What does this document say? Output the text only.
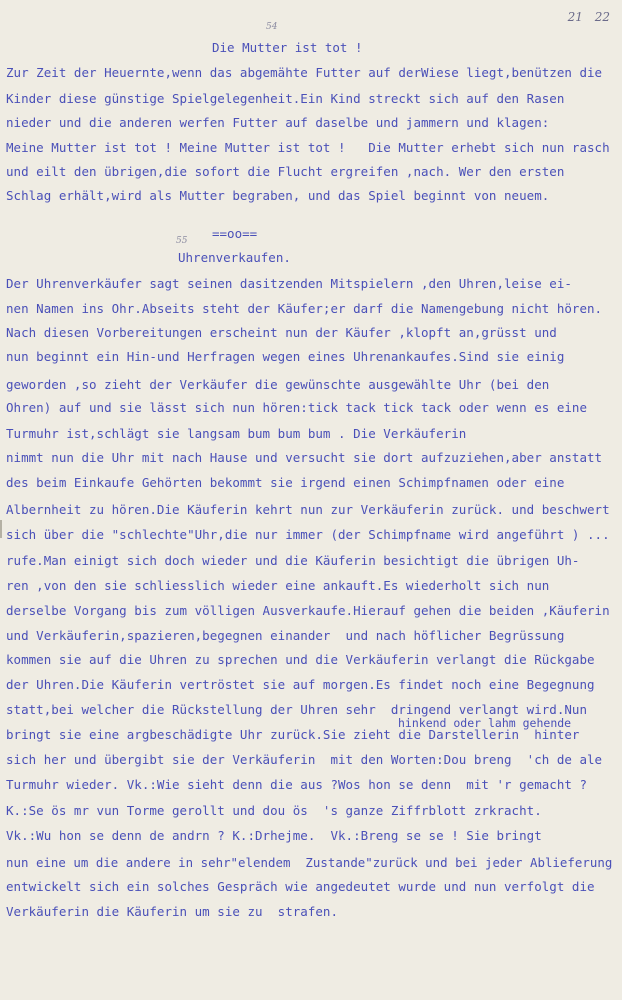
21 22
54
Die Mutter ist tot !
Zur Zeit der Heuernte,wenn das abgemähte Futter auf derWiese liegt,benützen die
Kinder diese günstige Spielgelegenheit.Ein Kind streckt sich auf den Rasen
nieder und die anderen werfen Futter auf daselbe und jammern und klagen:
Meine Mutter ist tot ! Meine Mutter ist tot !   Die Mutter erhebt sich nun rasch
und eilt den übrigen,die sofort die Flucht ergreifen ,nach. Wer den ersten
Schlag erhält,wird als Mutter begraben, und das Spiel beginnt von neuem.
==oo==
55
Uhrenverkaufen.
Der Uhrenverkäufer sagt seinen dasitzenden Mitspielern ,den Uhren,leise ei-
nen Namen ins Ohr.Abseits steht der Käufer;er darf die Namengebung nicht hören.
Nach diesen Vorbereitungen erscheint nun der Käufer ,klopft an,grüsst und
nun beginnt ein Hin-und Herfragen wegen eines Uhrenankaufes.Sind sie einig
geworden ,so zieht der Verkäufer die gewünschte ausgewählte Uhr (bei den
Ohren) auf und sie lässt sich nun hören:tick tack tick tack oder wenn es eine
Turmuhr ist,schlägt sie langsam bum bum bum . Die Verkäuferin
nimmt nun die Uhr mit nach Hause und versucht sie dort aufzuziehen,aber anstatt
des beim Einkaufe Gehörten bekommt sie irgend einen Schimpfnamen oder eine
Albernheit zu hören.Die Käuferin kehrt nun zur Verkäuferin zurück. und beschwert
sich über die "schlechte"Uhr,die nur immer (der Schimpfname wird angeführt ) ...
rufe.Man einigt sich doch wieder und die Käuferin besichtigt die übrigen Uh-
ren ,von den sie schliesslich wieder eine ankauft.Es wiederholt sich nun
derselbe Vorgang bis zum völligen Ausverkaufe.Hierauf gehen die beiden ,Käuferin
und Verkäuferin,spazieren,begegnen einander  und nach höflicher Begrüssung
kommen sie auf die Uhren zu sprechen und die Verkäuferin verlangt die Rückgabe
der Uhren.Die Käuferin vertröstet sie auf morgen.Es findet noch eine Begegnung
statt,bei welcher die Rückstellung der Uhren sehr  dringend verlangt wird.Nun
hinkend oder lahm gehende
bringt sie eine argbeschädigte Uhr zurück.Sie zieht die Darstellerin  hinter
sich her und übergibt sie der Verkäuferin  mit den Worten:Dou breng  'ch de ale
Turmuhr wieder. Vk.:Wie sieht denn die aus ?Wos hon se denn  mit 'r gemacht ?
K.:Se ös mr vun Torme gerollt und dou ös  's ganze Ziffrblott zrkracht.
Vk.:Wu hon se denn de andrn ? K.:Drhejme.  Vk.:Breng se se ! Sie bringt
nun eine um die andere in sehr"elendem  Zustande"zurück und bei jeder Ablieferung
entwickelt sich ein solches Gespräch wie angedeutet wurde und nun verfolgt die
Verkäuferin die Käuferin um sie zu  strafen.
